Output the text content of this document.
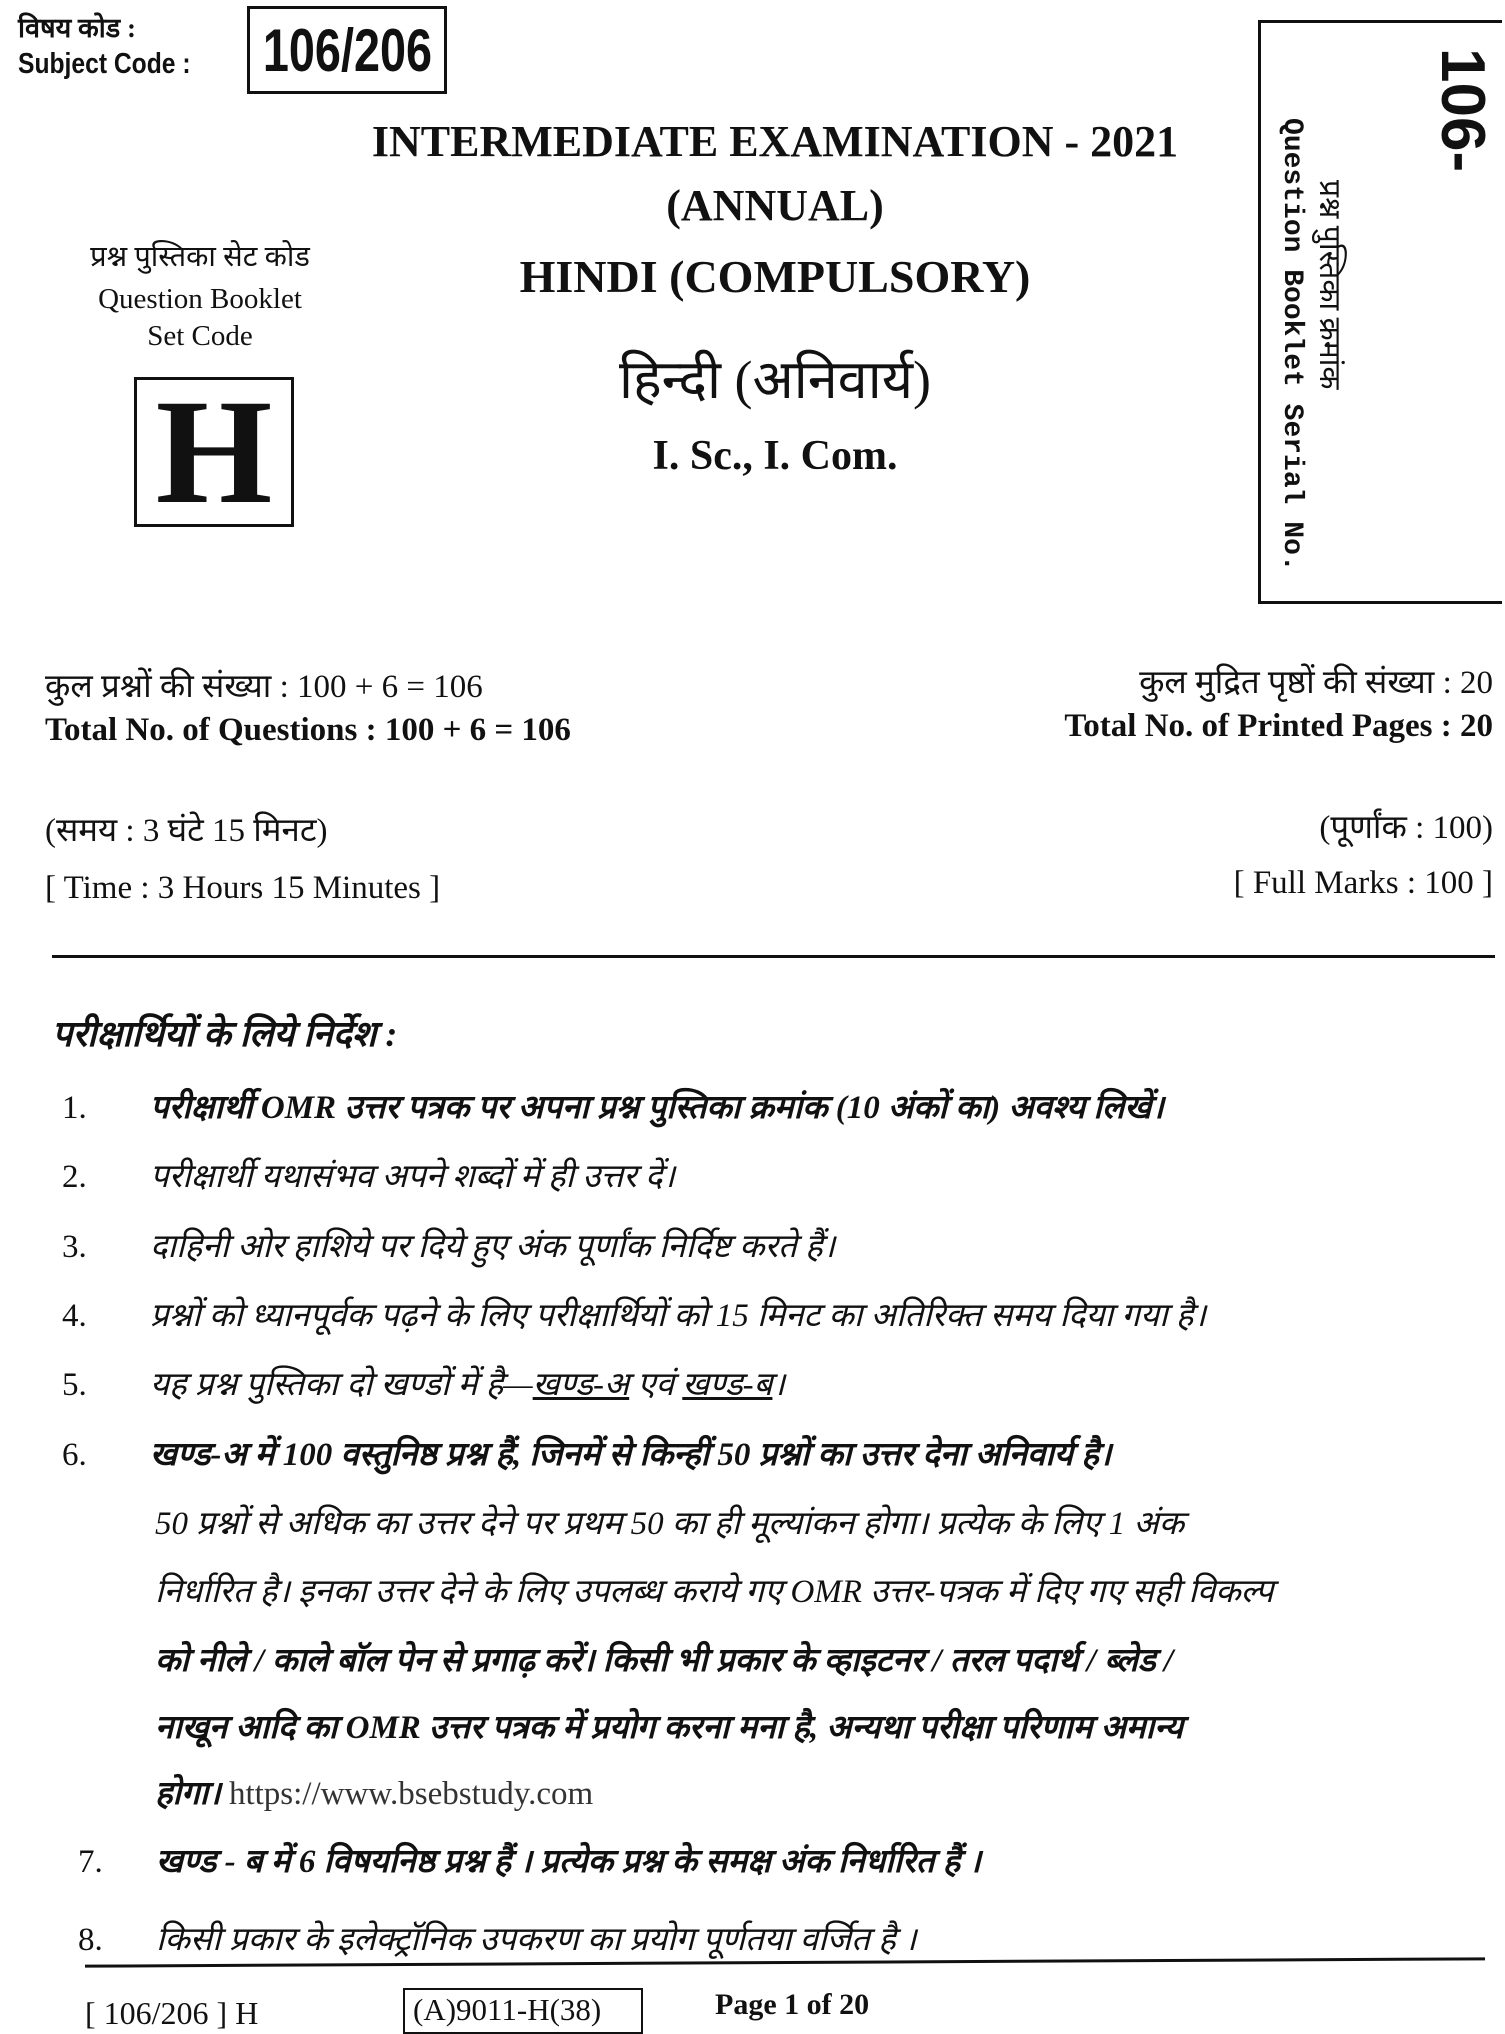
विषय कोड :
Subject Code : 106/206
INTERMEDIATE EXAMINATION - 2021
(ANNUAL)
HINDI (COMPULSORY)
हिन्दी (अनिवार्य)
I. Sc., I. Com.
प्रश्न पुस्तिका सेट कोड
Question Booklet
Set Code
H
106-
प्रश्न पुस्तिका क्रमांक
Question Booklet Serial No.
कुल प्रश्नों की संख्या : 100 + 6 = 106
Total No. of Questions : 100 + 6 = 106
कुल मुद्रित पृष्ठों की संख्या : 20
Total No. of Printed Pages : 20
(समय : 3 घंटे 15 मिनट)
[ Time : 3 Hours 15 Minutes ]
(पूर्णांक : 100)
[ Full Marks : 100 ]
परीक्षार्थियों के लिये निर्देश :
1. परीक्षार्थी OMR उत्तर पत्रक पर अपना प्रश्न पुस्तिका क्रमांक (10 अंकों का) अवश्य लिखें।
2. परीक्षार्थी यथासंभव अपने शब्दों में ही उत्तर दें।
3. दाहिनी ओर हाशिये पर दिये हुए अंक पूर्णांक निर्दिष्ट करते हैं।
4. प्रश्नों को ध्यानपूर्वक पढ़ने के लिए परीक्षार्थियों को 15 मिनट का अतिरिक्त समय दिया गया है।
5. यह प्रश्न पुस्तिका दो खण्डों में है—खण्ड-अ एवं खण्ड-ब।
6. खण्ड-अ में 100 वस्तुनिष्ठ प्रश्न हैं, जिनमें से किन्हीं 50 प्रश्नों का उत्तर देना अनिवार्य है।
50 प्रश्नों से अधिक का उत्तर देने पर प्रथम 50 का ही मूल्यांकन होगा। प्रत्येक के लिए 1 अंक
निर्धारित है। इनका उत्तर देने के लिए उपलब्ध कराये गए OMR उत्तर-पत्रक में दिए गए सही विकल्प
को नीले / काले बॉल पेन से प्रगाढ़ करें। किसी भी प्रकार के व्हाइटनर / तरल पदार्थ / ब्लेड /
नाखून आदि का OMR उत्तर पत्रक में प्रयोग करना मना है, अन्यथा परीक्षा परिणाम अमान्य
होगा। https://www.bsebstudy.com
7. खण्ड - ब में 6 विषयनिष्ठ प्रश्न हैं । प्रत्येक प्रश्न के समक्ष अंक निर्धारित हैं ।
8. किसी प्रकार के इलेक्ट्रॉनिक उपकरण का प्रयोग पूर्णतया वर्जित है ।
[ 106/206 ] H	(A)9011-H(38)	Page 1 of 20
